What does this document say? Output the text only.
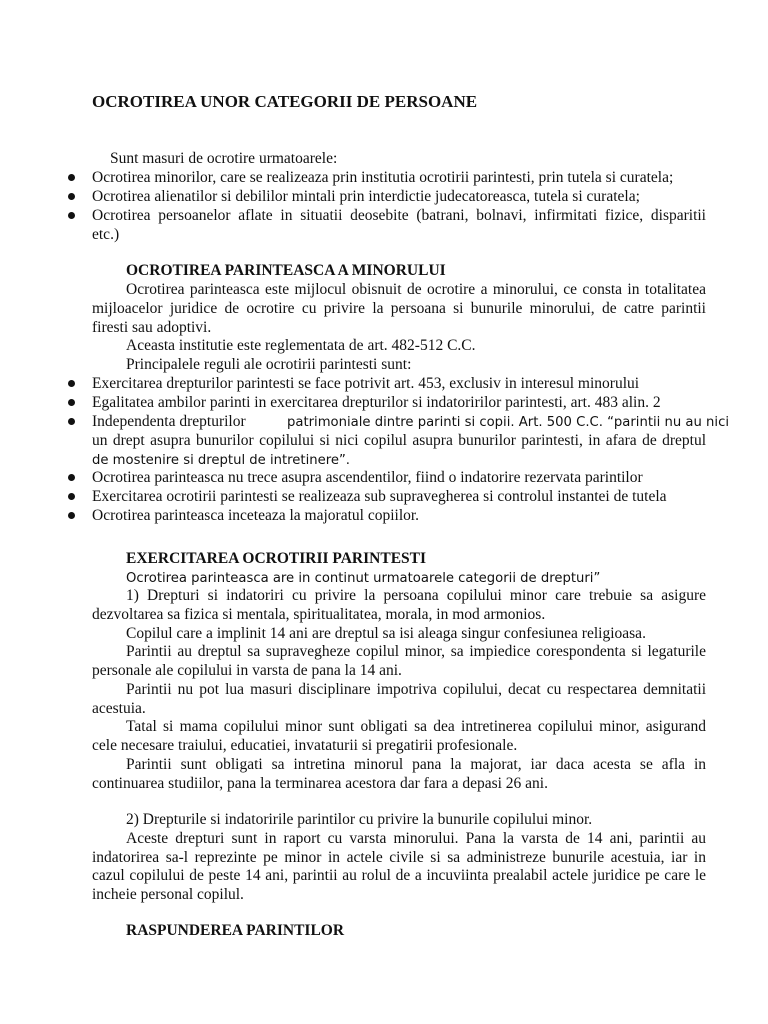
OCROTIREA UNOR CATEGORII DE PERSOANE

Sunt masuri de ocrotire urmatoarele:

Ocrotirea minorilor, care se realizeaza prin institutia ocrotirii parintesti, prin tutela si curatela;

Ocrotirea alienatilor si debililor mintali prin interdictie judecatoreasca, tutela si curatela;

Ocrotirea persoanelor aflate in situatii deosebite (batrani, bolnavi, infirmitati fizice, disparitii

etc.)

OCROTIREA PARINTEASCA A MINORULUI

Ocrotirea parinteasca este mijlocul obisnuit de ocrotire a minorului, ce consta in totalitatea

mijloacelor juridice de ocrotire cu privire la persoana si bunurile minorului, de catre parintii

firesti sau adoptivi.

Aceasta institutie este reglementata de art. 482-512 C.C.

Principalele reguli ale ocrotirii parintesti sunt:

Exercitarea drepturilor parintesti se face potrivit art. 453, exclusiv in interesul minorului

Egalitatea ambilor parinti in exercitarea drepturilor si indatoririlor parintesti, art. 483 alin. 2

Independenta drepturilor	patrimoniale dintre parinti si copii. Art. 500 C.C. “parintii nu au nici

un drept asupra bunurilor copilului si nici copilul asupra bunurilor parintesti, in afara de dreptul

de mostenire si dreptul de intretinere”.

Ocrotirea parinteasca nu trece asupra ascendentilor, fiind o indatorire rezervata parintilor

Exercitarea ocrotirii parintesti se realizeaza sub supravegherea si controlul instantei de tutela

Ocrotirea parinteasca inceteaza la majoratul copiilor.

EXERCITAREA OCROTIRII PARINTESTI

Ocrotirea parinteasca are in continut urmatoarele categorii de drepturi”

1) Drepturi si indatoriri cu privire la persoana copilului minor care trebuie sa asigure

dezvoltarea sa fizica si mentala, spiritualitatea, morala, in mod armonios.

Copilul care a implinit 14 ani are dreptul sa isi aleaga singur confesiunea religioasa.

Parintii au dreptul sa supravegheze copilul minor, sa impiedice corespondenta si legaturile

personale ale copilului in varsta de pana la 14 ani.

Parintii nu pot lua masuri disciplinare impotriva copilului, decat cu respectarea demnitatii

acestuia.

Tatal si mama copilului minor sunt obligati sa dea intretinerea copilului minor, asigurand

cele necesare traiului, educatiei, invataturii si pregatirii profesionale.

Parintii sunt obligati sa intretina minorul pana la majorat, iar daca acesta se afla in

continuarea studiilor, pana la terminarea acestora dar fara a depasi 26 ani.

2) Drepturile si indatoririle parintilor cu privire la bunurile copilului minor.

Aceste drepturi sunt in raport cu varsta minorului. Pana la varsta de 14 ani, parintii au

indatorirea sa-l reprezinte pe minor in actele civile si sa administreze bunurile acestuia, iar in

cazul copilului de peste 14 ani, parintii au rolul de a incuviinta prealabil actele juridice pe care le

incheie personal copilul.

RASPUNDEREA PARINTILOR
